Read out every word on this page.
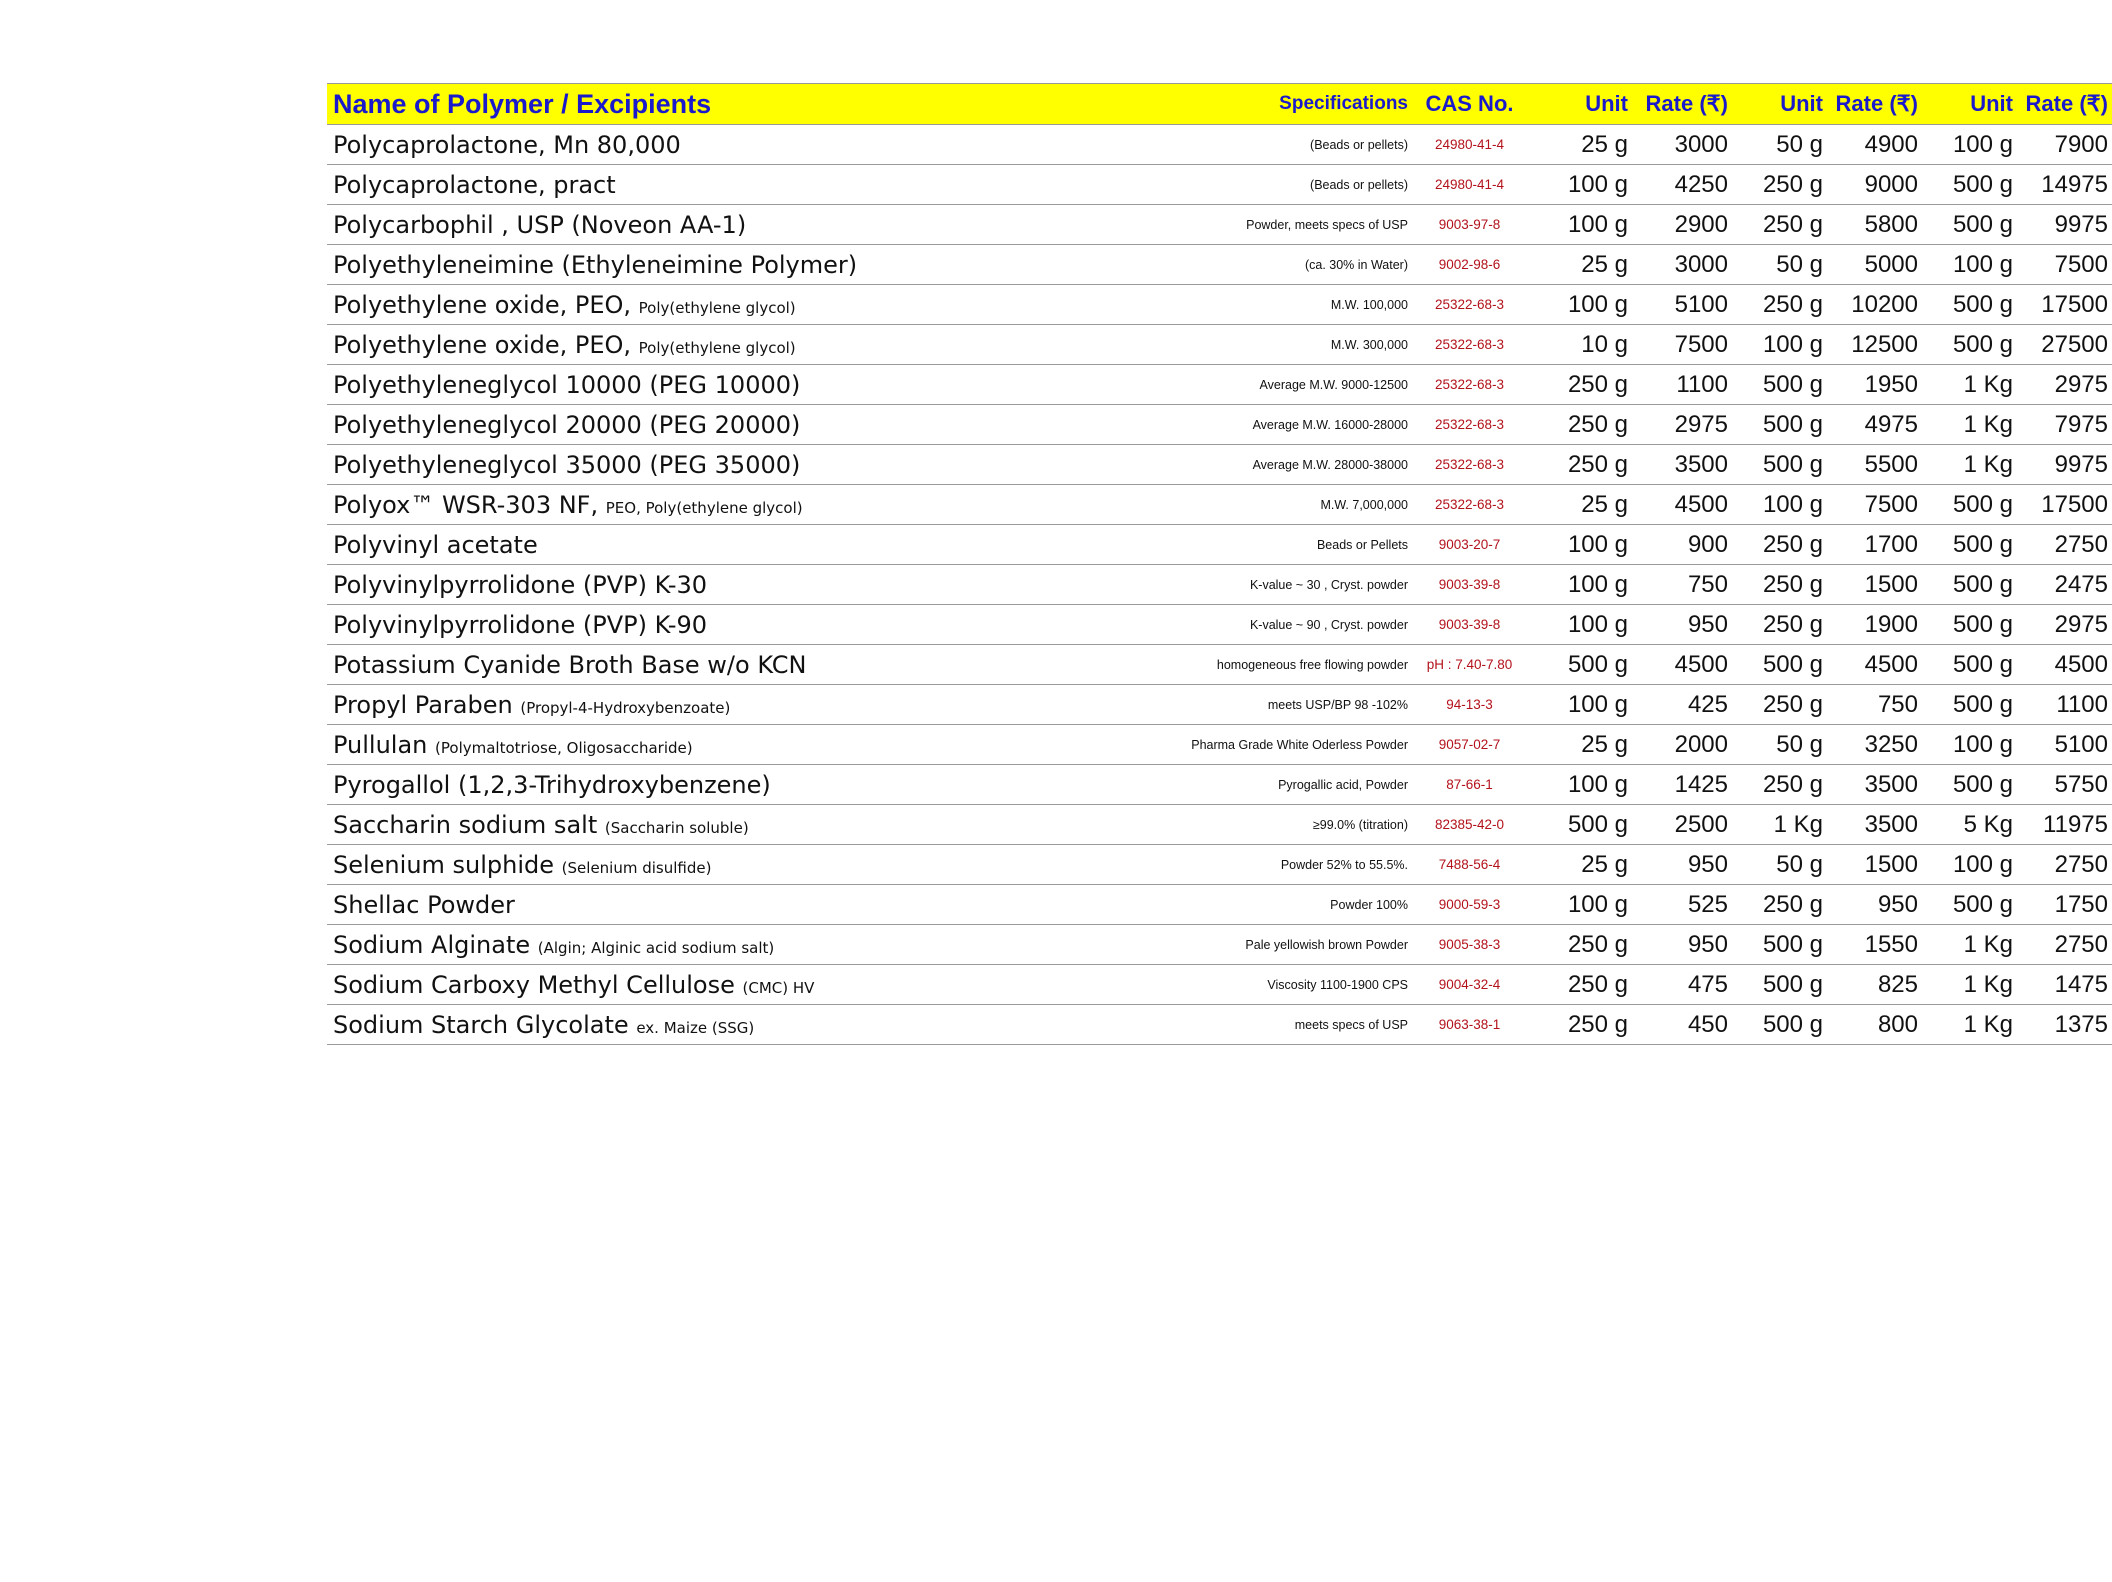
Name of Polymer / Excipients	Specifications	CAS No.	Unit	Rate (₹)	Unit	Rate (₹)	Unit	Rate (₹)
Polycaprolactone, Mn 80,000	(Beads or pellets)	24980-41-4	25 g	3000	50 g	4900	100 g	7900
Polycaprolactone, pract	(Beads or pellets)	24980-41-4	100 g	4250	250 g	9000	500 g	14975
Polycarbophil , USP (Noveon AA-1)	Powder, meets specs of USP	9003-97-8	100 g	2900	250 g	5800	500 g	9975
Polyethyleneimine (Ethyleneimine Polymer)	(ca. 30% in Water)	9002-98-6	25 g	3000	50 g	5000	100 g	7500
Polyethylene oxide, PEO, Poly(ethylene glycol)	M.W. 100,000	25322-68-3	100 g	5100	250 g	10200	500 g	17500
Polyethylene oxide, PEO, Poly(ethylene glycol)	M.W. 300,000	25322-68-3	10 g	7500	100 g	12500	500 g	27500
Polyethyleneglycol 10000 (PEG 10000)	Average M.W. 9000-12500	25322-68-3	250 g	1100	500 g	1950	1 Kg	2975
Polyethyleneglycol 20000 (PEG 20000)	Average M.W. 16000-28000	25322-68-3	250 g	2975	500 g	4975	1 Kg	7975
Polyethyleneglycol 35000 (PEG 35000)	Average M.W. 28000-38000	25322-68-3	250 g	3500	500 g	5500	1 Kg	9975
Polyox™ WSR-303 NF, PEO, Poly(ethylene glycol)	M.W. 7,000,000	25322-68-3	25 g	4500	100 g	7500	500 g	17500
Polyvinyl acetate	Beads or Pellets	9003-20-7	100 g	900	250 g	1700	500 g	2750
Polyvinylpyrrolidone (PVP) K-30	K-value ~ 30 , Cryst. powder	9003-39-8	100 g	750	250 g	1500	500 g	2475
Polyvinylpyrrolidone (PVP) K-90	K-value ~ 90 , Cryst. powder	9003-39-8	100 g	950	250 g	1900	500 g	2975
Potassium Cyanide Broth Base w/o KCN	homogeneous free flowing powder	pH : 7.40-7.80	500 g	4500	500 g	4500	500 g	4500
Propyl Paraben (Propyl-4-Hydroxybenzoate)	meets USP/BP 98 -102%	94-13-3	100 g	425	250 g	750	500 g	1100
Pullulan (Polymaltotriose, Oligosaccharide)	Pharma Grade White Oderless Powder	9057-02-7	25 g	2000	50 g	3250	100 g	5100
Pyrogallol (1,2,3-Trihydroxybenzene)	Pyrogallic acid, Powder	87-66-1	100 g	1425	250 g	3500	500 g	5750
Saccharin sodium salt (Saccharin soluble)	≥99.0% (titration)	82385-42-0	500 g	2500	1 Kg	3500	5 Kg	11975
Selenium sulphide (Selenium disulfide)	Powder 52% to 55.5%.	7488-56-4	25 g	950	50 g	1500	100 g	2750
Shellac Powder	Powder 100%	9000-59-3	100 g	525	250 g	950	500 g	1750
Sodium Alginate (Algin; Alginic acid sodium salt)	Pale yellowish brown Powder	9005-38-3	250 g	950	500 g	1550	1 Kg	2750
Sodium Carboxy Methyl Cellulose (CMC) HV	Viscosity 1100-1900 CPS	9004-32-4	250 g	475	500 g	825	1 Kg	1475
Sodium Starch Glycolate ex. Maize (SSG)	meets specs of USP	9063-38-1	250 g	450	500 g	800	1 Kg	1375
